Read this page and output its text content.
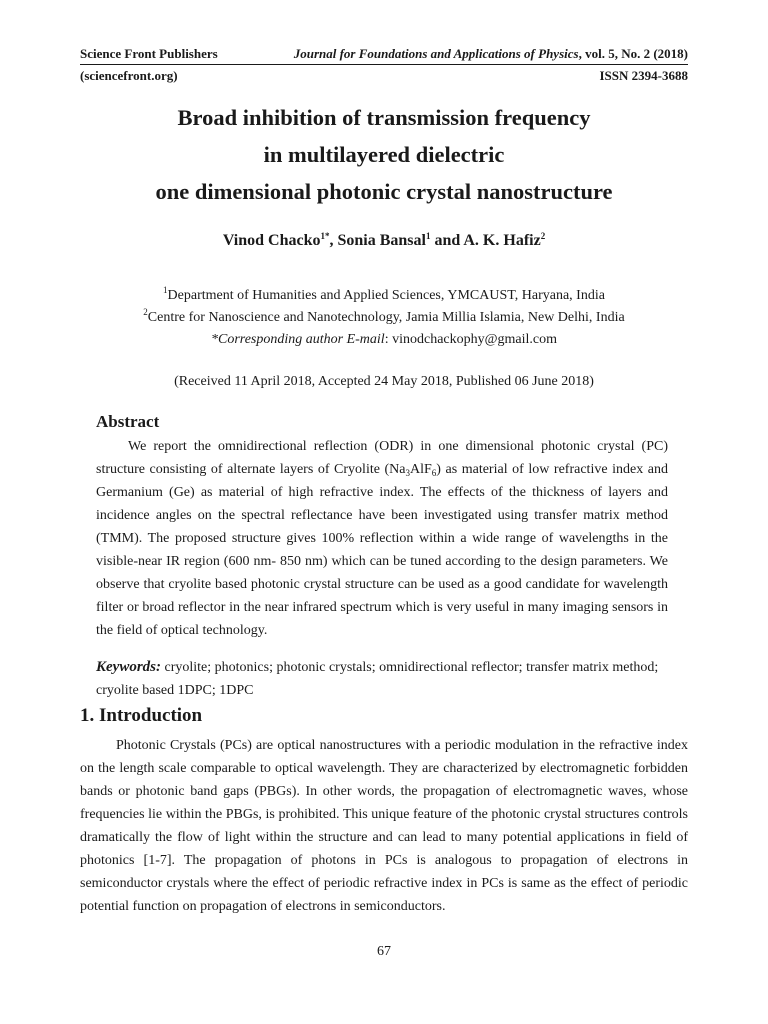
Science Front Publishers	Journal for Foundations and Applications of Physics, vol. 5, No. 2 (2018)
(sciencefront.org)	ISSN 2394-3688
Broad inhibition of transmission frequency
in multilayered dielectric
one dimensional photonic crystal nanostructure
Vinod Chacko$^{1*}$, Sonia Bansal$^1$ and A. K. Hafiz$^2$
$^1$Department of Humanities and Applied Sciences, YMCAUST, Haryana, India
$^2$Centre for Nanoscience and Nanotechnology, Jamia Millia Islamia, New Delhi, India
*Corresponding author E-mail: vinodchackophy@gmail.com
(Received 11 April 2018, Accepted 24 May 2018, Published 06 June 2018)
Abstract

We report the omnidirectional reflection (ODR) in one dimensional photonic crystal (PC) structure consisting of alternate layers of Cryolite $(Na_3AlF_6)$ as material of low refractive index and Germanium (Ge) as material of high refractive index. The effects of the thickness of layers and incidence angles on the spectral reflectance have been investigated using transfer matrix method (TMM). The proposed structure gives 100% reflection within a wide range of wavelengths in the visible-near IR region (600 nm- 850 nm) which can be tuned according to the design parameters. We observe that cryolite based photonic crystal structure can be used as a good candidate for wavelength filter or broad reflector in the near infrared spectrum which is very useful in many imaging sensors in the field of optical technology.

Keywords: cryolite; photonics; photonic crystals; omnidirectional reflector; transfer matrix method; cryolite based 1DPC; 1DPC
1. Introduction

Photonic Crystals (PCs) are optical nanostructures with a periodic modulation in the refractive index on the length scale comparable to optical wavelength. They are characterized by electromagnetic forbidden bands or photonic band gaps (PBGs). In other words, the propagation of electromagnetic waves, whose frequencies lie within the PBGs, is prohibited. This unique feature of the photonic crystal structures controls dramatically the flow of light within the structure and can lead to many potential applications in field of photonics [1-7]. The propagation of photons in PCs is analogous to propagation of electrons in semiconductor crystals where the effect of periodic refractive index in PCs is same as the effect of periodic potential function on propagation of electrons in semiconductors.

67
